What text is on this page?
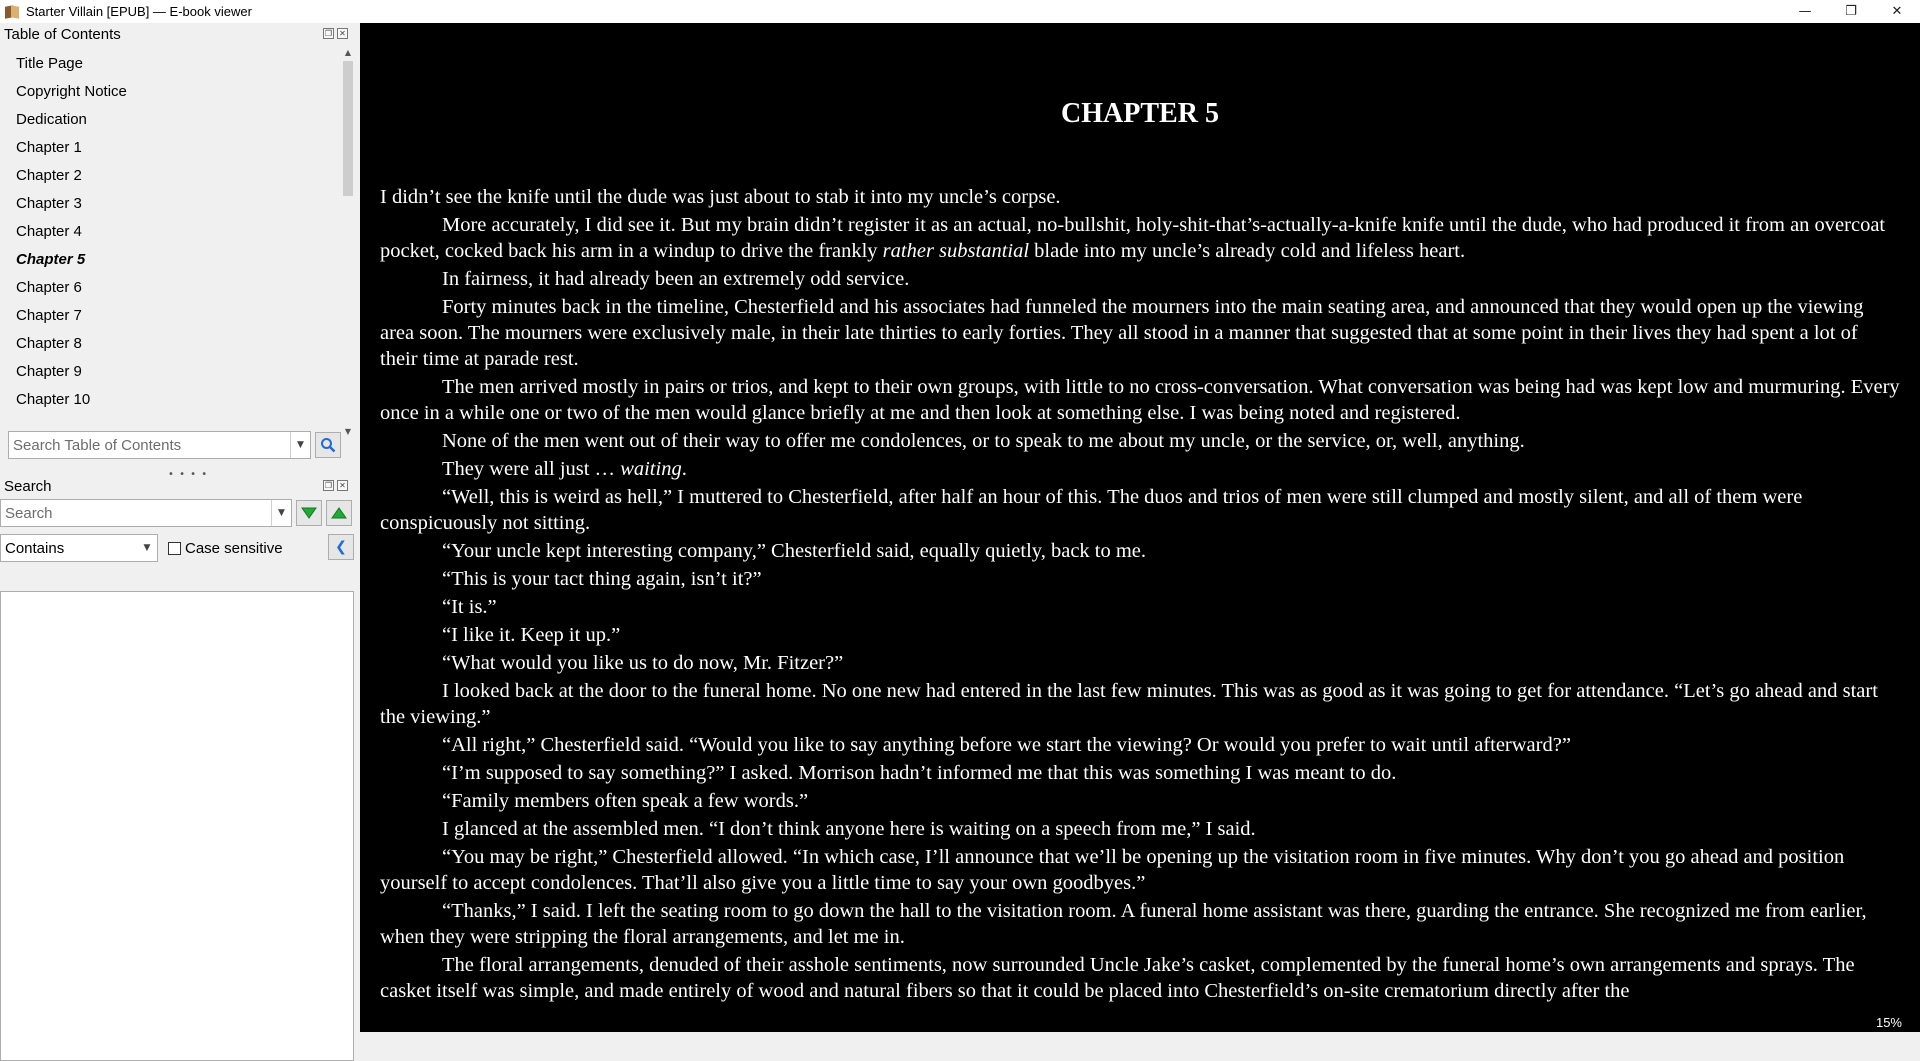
Starter Villain [EPUB] — E-book viewer	—	❐	✕
Table of Contents	❐ ✕
Title Page
Copyright Notice
Dedication
Chapter 1
Chapter 2
Chapter 3
Chapter 4
Chapter 5
Chapter 6
Chapter 7
Chapter 8
Chapter 9
Chapter 10
▲
▼
Search Table of Contents
▼
• • • •
Search	❐ ✕
Search
▼
Contains	▼	Case sensitive	❮
CHAPTER 5

I didn’t see the knife until the dude was just about to stab it into my uncle’s corpse.

More accurately, I did see it. But my brain didn’t register it as an actual, no-bullshit, holy-shit-that’s-actually-a-knife knife until the dude, who had produced it from an overcoat pocket, cocked back his arm in a windup to drive the frankly rather substantial blade into my uncle’s already cold and lifeless heart.

In fairness, it had already been an extremely odd service.

Forty minutes back in the timeline, Chesterfield and his associates had funneled the mourners into the main seating area, and announced that they would open up the viewing area soon. The mourners were exclusively male, in their late thirties to early forties. They all stood in a manner that suggested that at some point in their lives they had spent a lot of their time at parade rest.

The men arrived mostly in pairs or trios, and kept to their own groups, with little to no cross-conversation. What conversation was being had was kept low and murmuring. Every once in a while one or two of the men would glance briefly at me and then look at something else. I was being noted and registered.

None of the men went out of their way to offer me condolences, or to speak to me about my uncle, or the service, or, well, anything.

They were all just … waiting.

“Well, this is weird as hell,” I muttered to Chesterfield, after half an hour of this. The duos and trios of men were still clumped and mostly silent, and all of them were conspicuously not sitting.

“Your uncle kept interesting company,” Chesterfield said, equally quietly, back to me.

“This is your tact thing again, isn’t it?”

“It is.”

“I like it. Keep it up.”

“What would you like us to do now, Mr. Fitzer?”

I looked back at the door to the funeral home. No one new had entered in the last few minutes. This was as good as it was going to get for attendance. “Let’s go ahead and start the viewing.”

“All right,” Chesterfield said. “Would you like to say anything before we start the viewing? Or would you prefer to wait until afterward?”

“I’m supposed to say something?” I asked. Morrison hadn’t informed me that this was something I was meant to do.

“Family members often speak a few words.”

I glanced at the assembled men. “I don’t think anyone here is waiting on a speech from me,” I said.

“You may be right,” Chesterfield allowed. “In which case, I’ll announce that we’ll be opening up the visitation room in five minutes. Why don’t you go ahead and position yourself to accept condolences. That’ll also give you a little time to say your own goodbyes.”

“Thanks,” I said. I left the seating room to go down the hall to the visitation room. A funeral home assistant was there, guarding the entrance. She recognized me from earlier, when they were stripping the floral arrangements, and let me in.

The floral arrangements, denuded of their asshole sentiments, now surrounded Uncle Jake’s casket, complemented by the funeral home’s own arrangements and sprays. The casket itself was simple, and made entirely of wood and natural fibers so that it could be placed into Chesterfield’s on-site crematorium directly after the

15%
